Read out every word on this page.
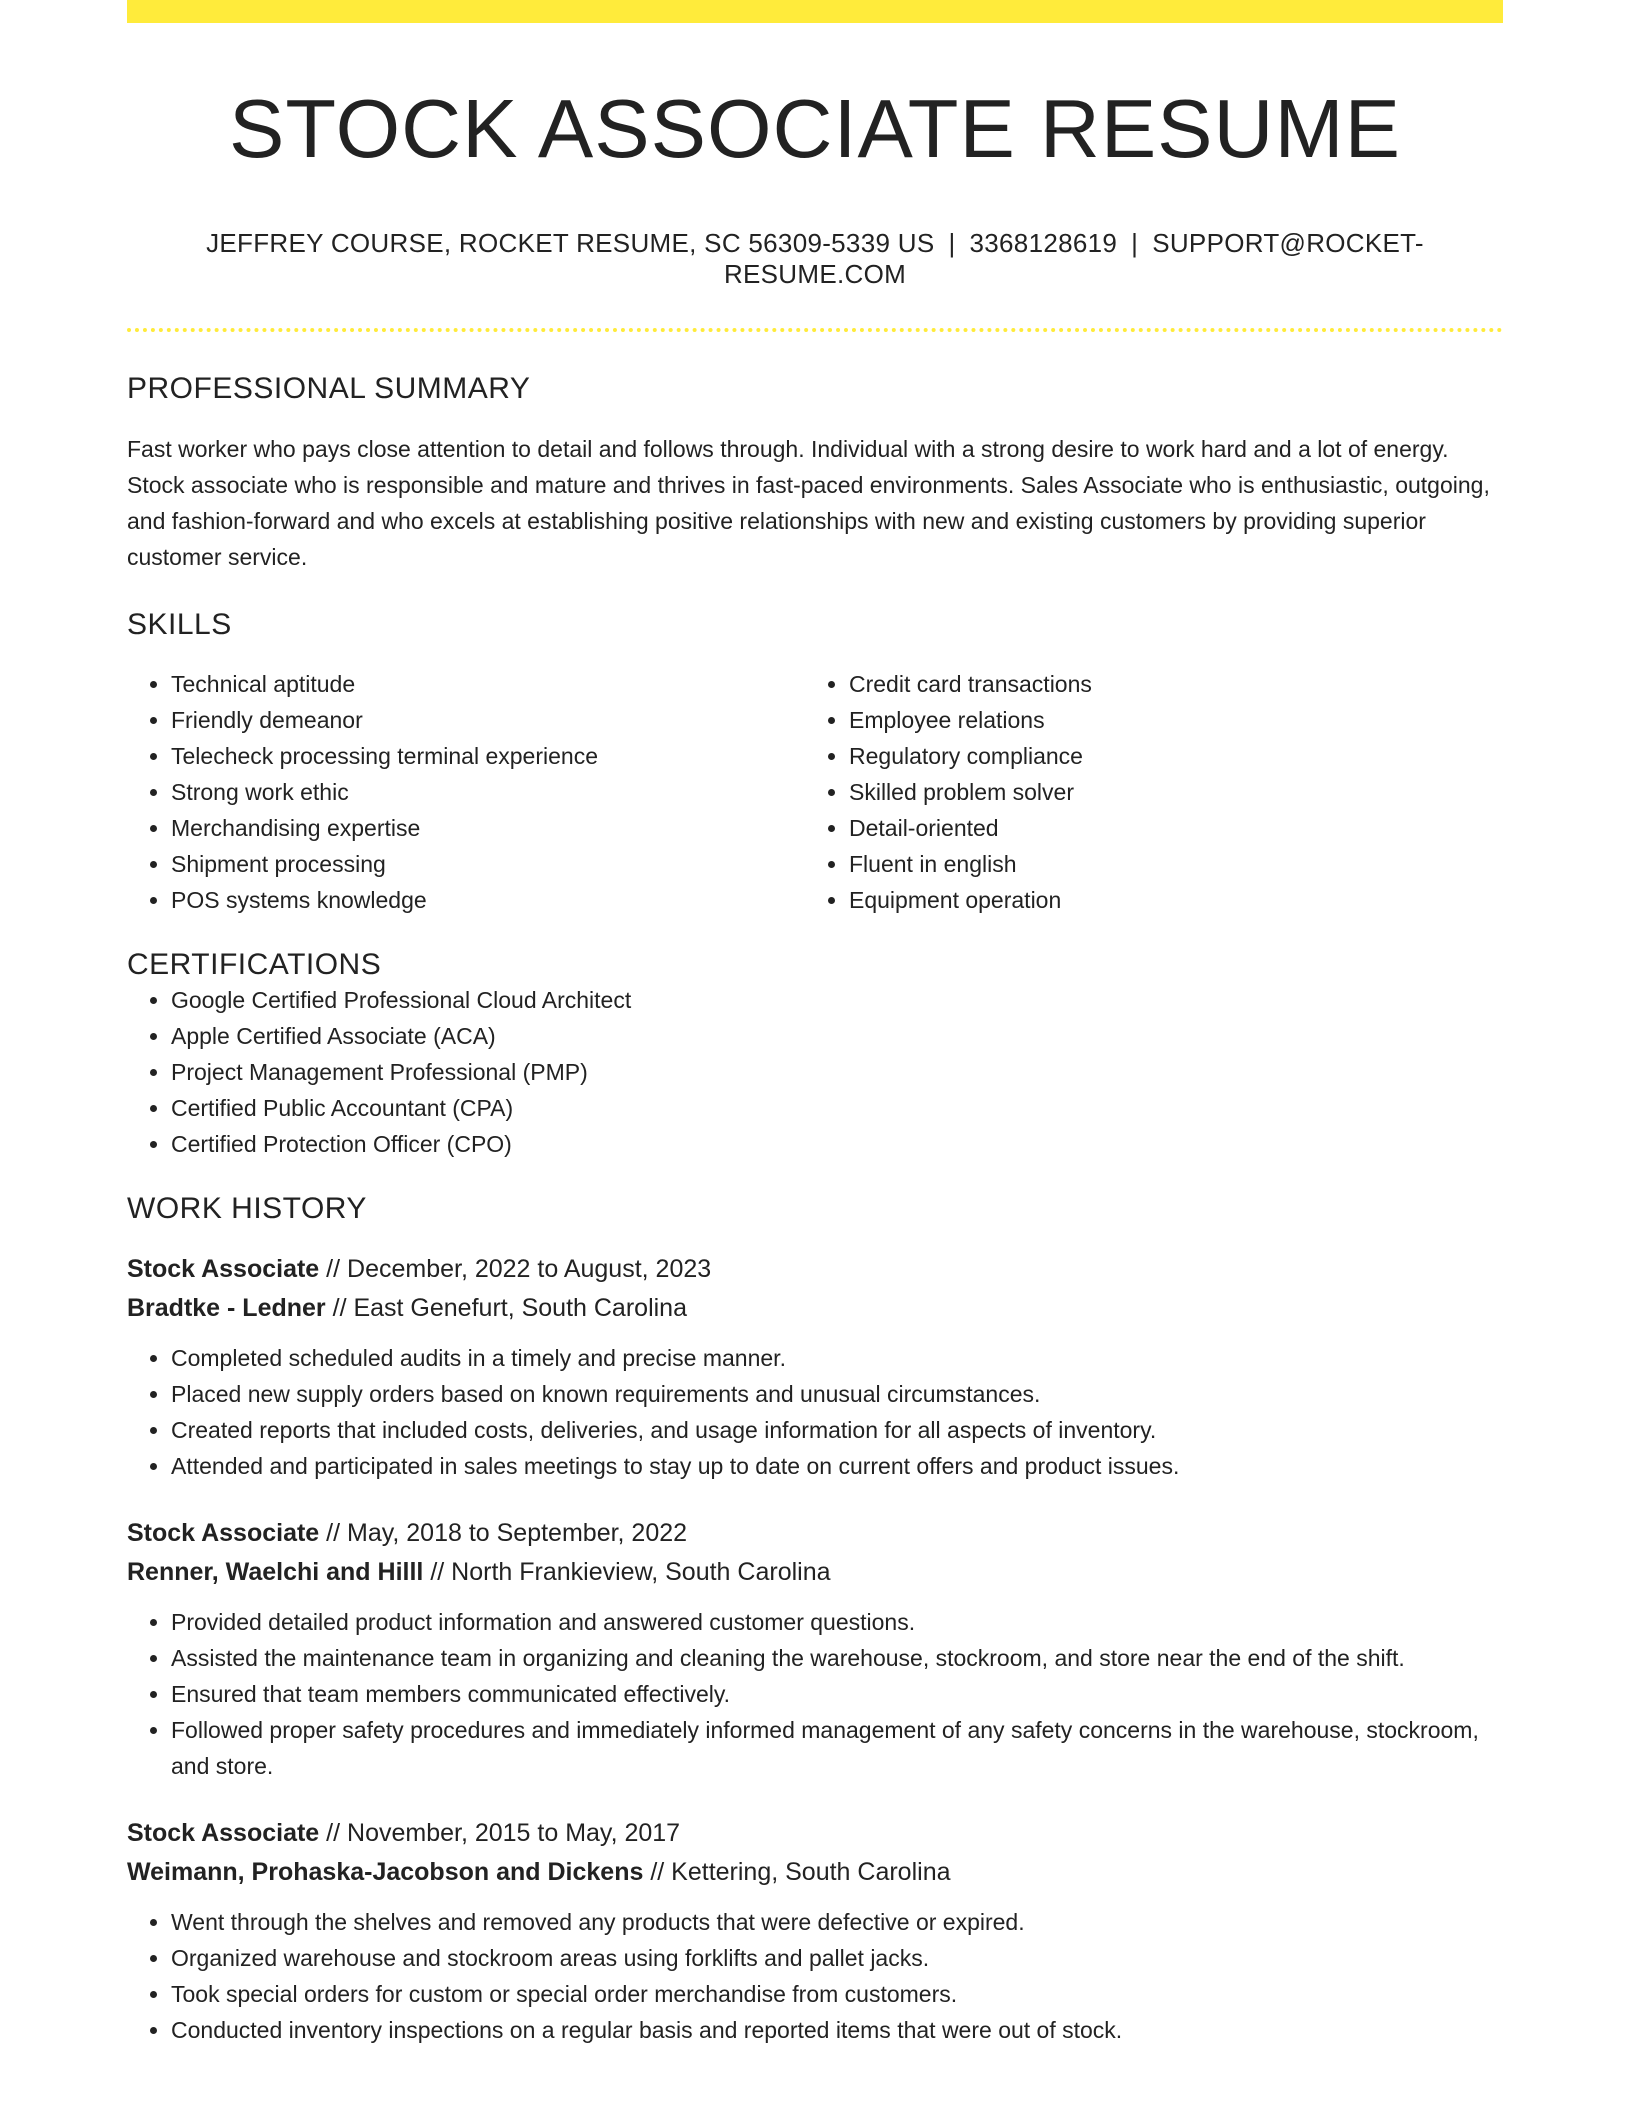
STOCK ASSOCIATE RESUME
JEFFREY COURSE, ROCKET RESUME, SC 56309-5339 US | 3368128619 | SUPPORT@ROCKET-RESUME.COM
PROFESSIONAL SUMMARY
Fast worker who pays close attention to detail and follows through. Individual with a strong desire to work hard and a lot of energy. Stock associate who is responsible and mature and thrives in fast-paced environments. Sales Associate who is enthusiastic, outgoing, and fashion-forward and who excels at establishing positive relationships with new and existing customers by providing superior customer service.
SKILLS
• Technical aptitude
• Friendly demeanor
• Telecheck processing terminal experience
• Strong work ethic
• Merchandising expertise
• Shipment processing
• POS systems knowledge
• Credit card transactions
• Employee relations
• Regulatory compliance
• Skilled problem solver
• Detail-oriented
• Fluent in english
• Equipment operation
CERTIFICATIONS
• Google Certified Professional Cloud Architect
• Apple Certified Associate (ACA)
• Project Management Professional (PMP)
• Certified Public Accountant (CPA)
• Certified Protection Officer (CPO)
WORK HISTORY
Stock Associate // December, 2022 to August, 2023
Bradtke - Ledner // East Genefurt, South Carolina
• Completed scheduled audits in a timely and precise manner.
• Placed new supply orders based on known requirements and unusual circumstances.
• Created reports that included costs, deliveries, and usage information for all aspects of inventory.
• Attended and participated in sales meetings to stay up to date on current offers and product issues.
Stock Associate // May, 2018 to September, 2022
Renner, Waelchi and Hilll // North Frankieview, South Carolina
• Provided detailed product information and answered customer questions.
• Assisted the maintenance team in organizing and cleaning the warehouse, stockroom, and store near the end of the shift.
• Ensured that team members communicated effectively.
• Followed proper safety procedures and immediately informed management of any safety concerns in the warehouse, stockroom, and store.
Stock Associate // November, 2015 to May, 2017
Weimann, Prohaska-Jacobson and Dickens // Kettering, South Carolina
• Went through the shelves and removed any products that were defective or expired.
• Organized warehouse and stockroom areas using forklifts and pallet jacks.
• Took special orders for custom or special order merchandise from customers.
• Conducted inventory inspections on a regular basis and reported items that were out of stock.
